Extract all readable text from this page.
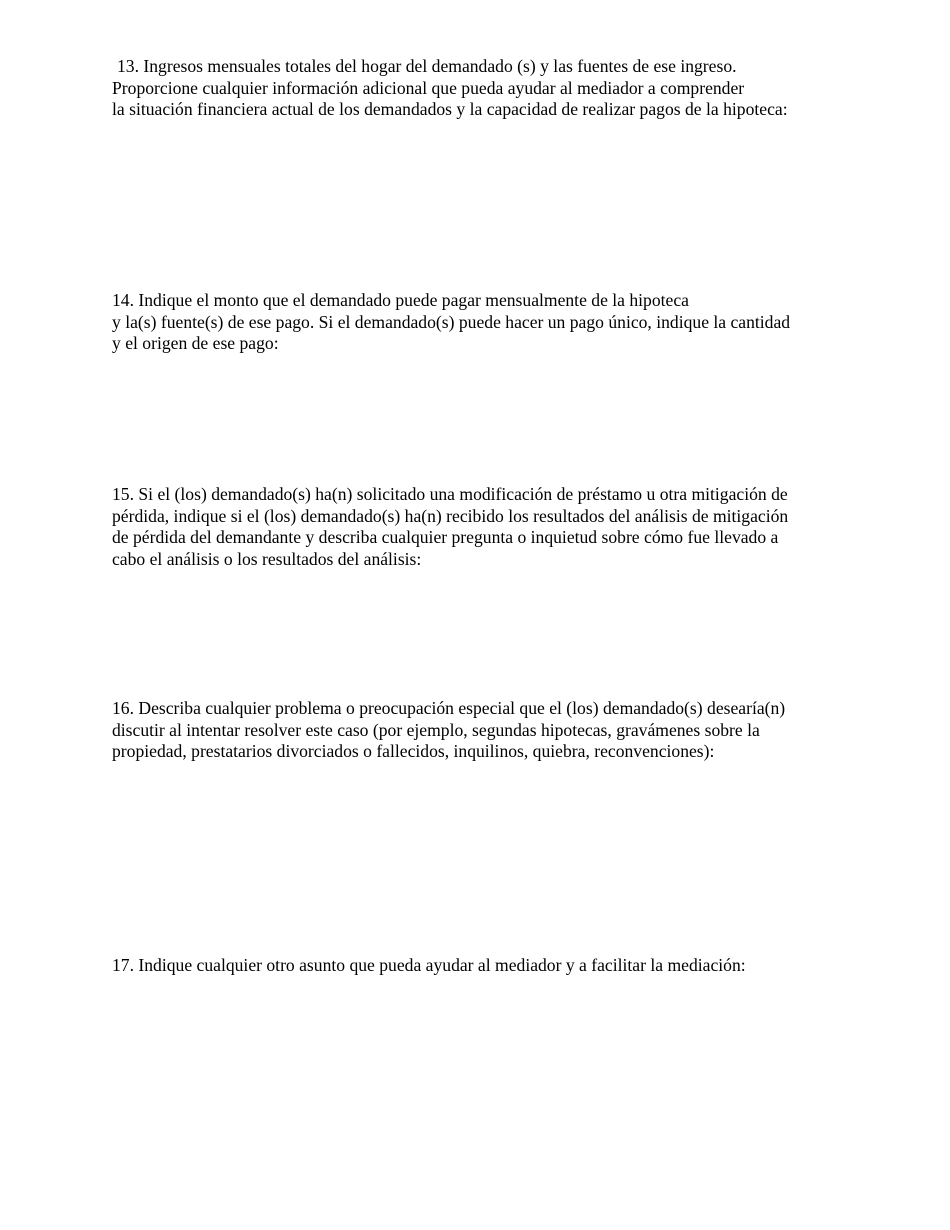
13. Ingresos mensuales totales del hogar del demandado (s) y las fuentes de ese ingreso.
Proporcione cualquier información adicional que pueda ayudar al mediador a comprender
la situación financiera actual de los demandados y la capacidad de realizar pagos de la hipoteca:
14. Indique el monto que el demandado puede pagar mensualmente de la hipoteca
y la(s) fuente(s) de ese pago. Si el demandado(s) puede hacer un pago único, indique la cantidad
y el origen de ese pago:
15. Si el (los) demandado(s) ha(n) solicitado una modificación de préstamo u otra mitigación de
pérdida, indique si el (los) demandado(s) ha(n) recibido los resultados del análisis de mitigación
de pérdida del demandante y describa cualquier pregunta o inquietud sobre cómo fue llevado a
cabo el análisis o los resultados del análisis:
16. Describa cualquier problema o preocupación especial que el (los) demandado(s) desearía(n)
discutir al intentar resolver este caso (por ejemplo, segundas hipotecas, gravámenes sobre la
propiedad, prestatarios divorciados o fallecidos, inquilinos, quiebra, reconvenciones):
17. Indique cualquier otro asunto que pueda ayudar al mediador y a facilitar la mediación:
